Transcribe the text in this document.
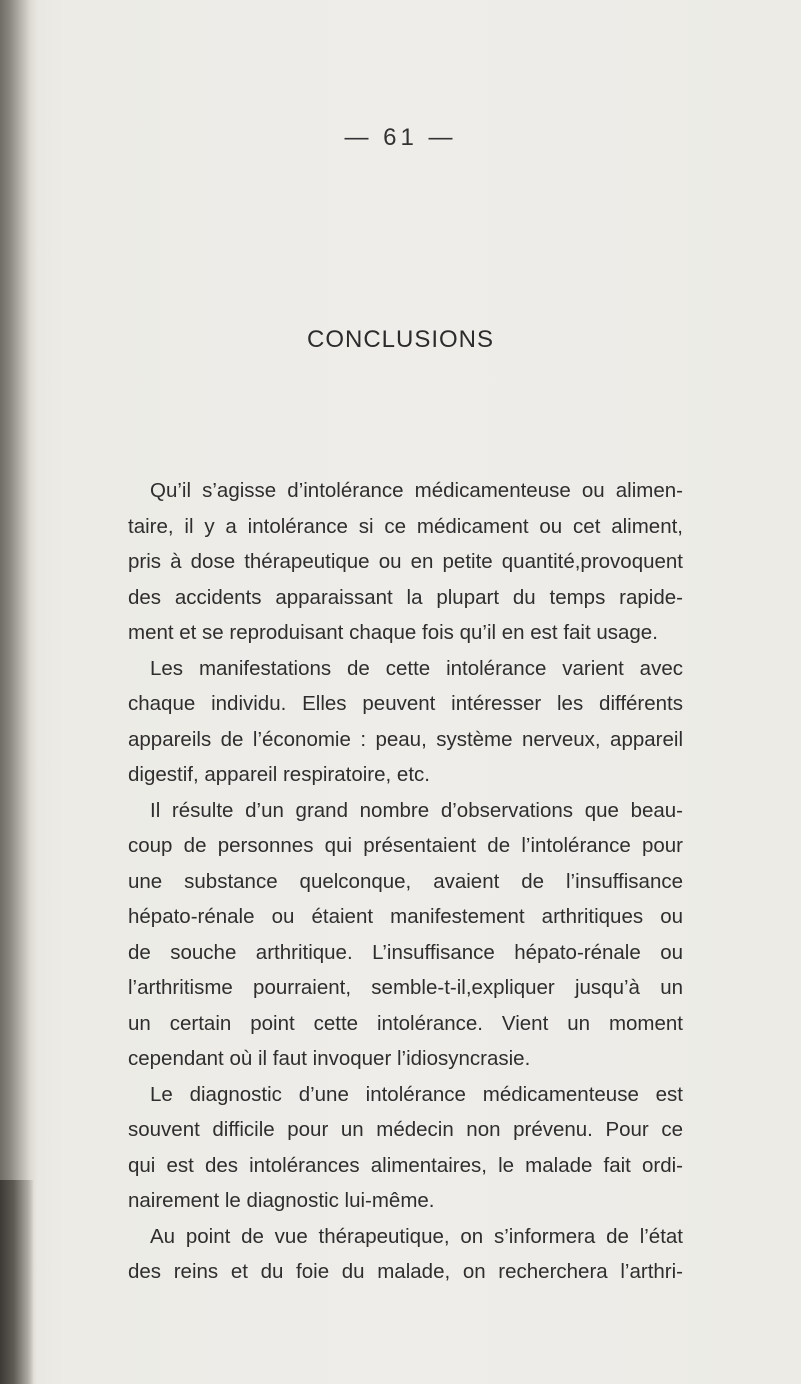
— 61 —
CONCLUSIONS
Qu’il s’agisse d’intolérance médicamenteuse ou alimen-
taire, il y a intolérance si ce médicament ou cet aliment,
pris à dose thérapeutique ou en petite quantité,provoquent
des accidents apparaissant la plupart du temps rapide-
ment et se reproduisant chaque fois qu’il en est fait usage.
Les manifestations de cette intolérance varient avec
chaque individu. Elles peuvent intéresser les différents
appareils de l’économie : peau, système nerveux, appareil
digestif, appareil respiratoire, etc.
Il résulte d’un grand nombre d’observations que beau-
coup de personnes qui présentaient de l’intolérance pour
une substance quelconque, avaient de l’insuffisance
hépato-rénale ou étaient manifestement arthritiques ou
de souche arthritique. L’insuffisance hépato-rénale ou
l’arthritisme pourraient, semble-t-il,expliquer jusqu’à un
un certain point cette intolérance. Vient un moment
cependant où il faut invoquer l’idiosyncrasie.
Le diagnostic d’une intolérance médicamenteuse est
souvent difficile pour un médecin non prévenu. Pour ce
qui est des intolérances alimentaires, le malade fait ordi-
nairement le diagnostic lui-même.
Au point de vue thérapeutique, on s’informera de l’état
des reins et du foie du malade, on recherchera l’arthri-
